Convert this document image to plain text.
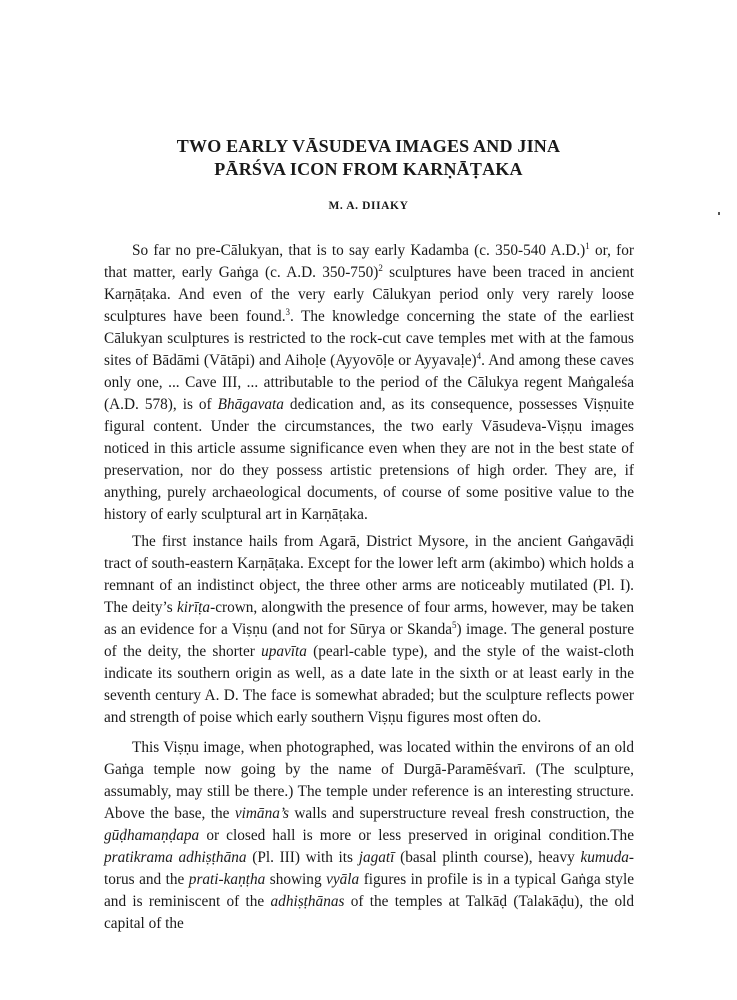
TWO EARLY VĀSUDEVA IMAGES AND JINA
PĀRŚVA ICON FROM KARṆĀṬAKA
M. A. DIIAKY

So far no pre-Cālukyan, that is to say early Kadamba (c. 350-540 A.D.)$^1$ or, for that matter, early Gaṅga (c. A.D. 350-750)$^2$ sculptures have been traced in ancient Karṇāṭaka. And even of the very early Cālukyan period only very rarely loose sculptures have been found.$^3$. The knowledge concerning the state of the earliest Cālukyan sculptures is restricted to the rock-cut cave temples met with at the famous sites of Bādāmi (Vātāpi) and Aihoḷe (Ayyovōḷe or Ayyavaḷe)$^4$. And among these caves only one, ... Cave III, ... attributable to the period of the Cālukya regent Maṅgaleśa (A.D. 578), is of Bhāgavata dedication and, as its consequence, possesses Viṣṇuite figural content. Under the circumstances, the two early Vāsudeva-Viṣṇu images noticed in this article assume significance even when they are not in the best state of preservation, nor do they possess artistic pretensions of high order. They are, if anything, purely archaeological documents, of course of some positive value to the history of early sculptural art in Karṇāṭaka.

The first instance hails from Agarā, District Mysore, in the ancient Gaṅgavāḍi tract of south-eastern Karṇāṭaka. Except for the lower left arm (akimbo) which holds a remnant of an indistinct object, the three other arms are noticeably mutilated (Pl. I). The deity’s kirīṭa-crown, alongwith the presence of four arms, however, may be taken as an evidence for a Viṣṇu (and not for Sūrya or Skanda$^5$) image. The general posture of the deity, the shorter upavīta (pearl-cable type), and the style of the waist-cloth indicate its southern origin as well, as a date late in the sixth or at least early in the seventh century A. D. The face is somewhat abraded; but the sculpture reflects power and strength of poise which early southern Viṣṇu figures most often do.

This Viṣṇu image, when photographed, was located within the environs of an old Gaṅga temple now going by the name of Durgā-Paramēśvarī. (The sculpture, assumably, may still be there.) The temple under reference is an interesting structure. Above the base, the vimāna’s walls and superstructure reveal fresh construction, the gūḍhamaṇḍapa or closed hall is more or less preserved in original condition.The pratikrama adhiṣṭhāna (Pl. III) with its jagatī (basal plinth course), heavy kumuda-torus and the prati-kaṇṭha showing vyāla figures in profile is in a typical Gaṅga style and is reminiscent of the adhiṣṭhānas of the temples at Talkāḍ (Talakāḍu), the old capital of the
